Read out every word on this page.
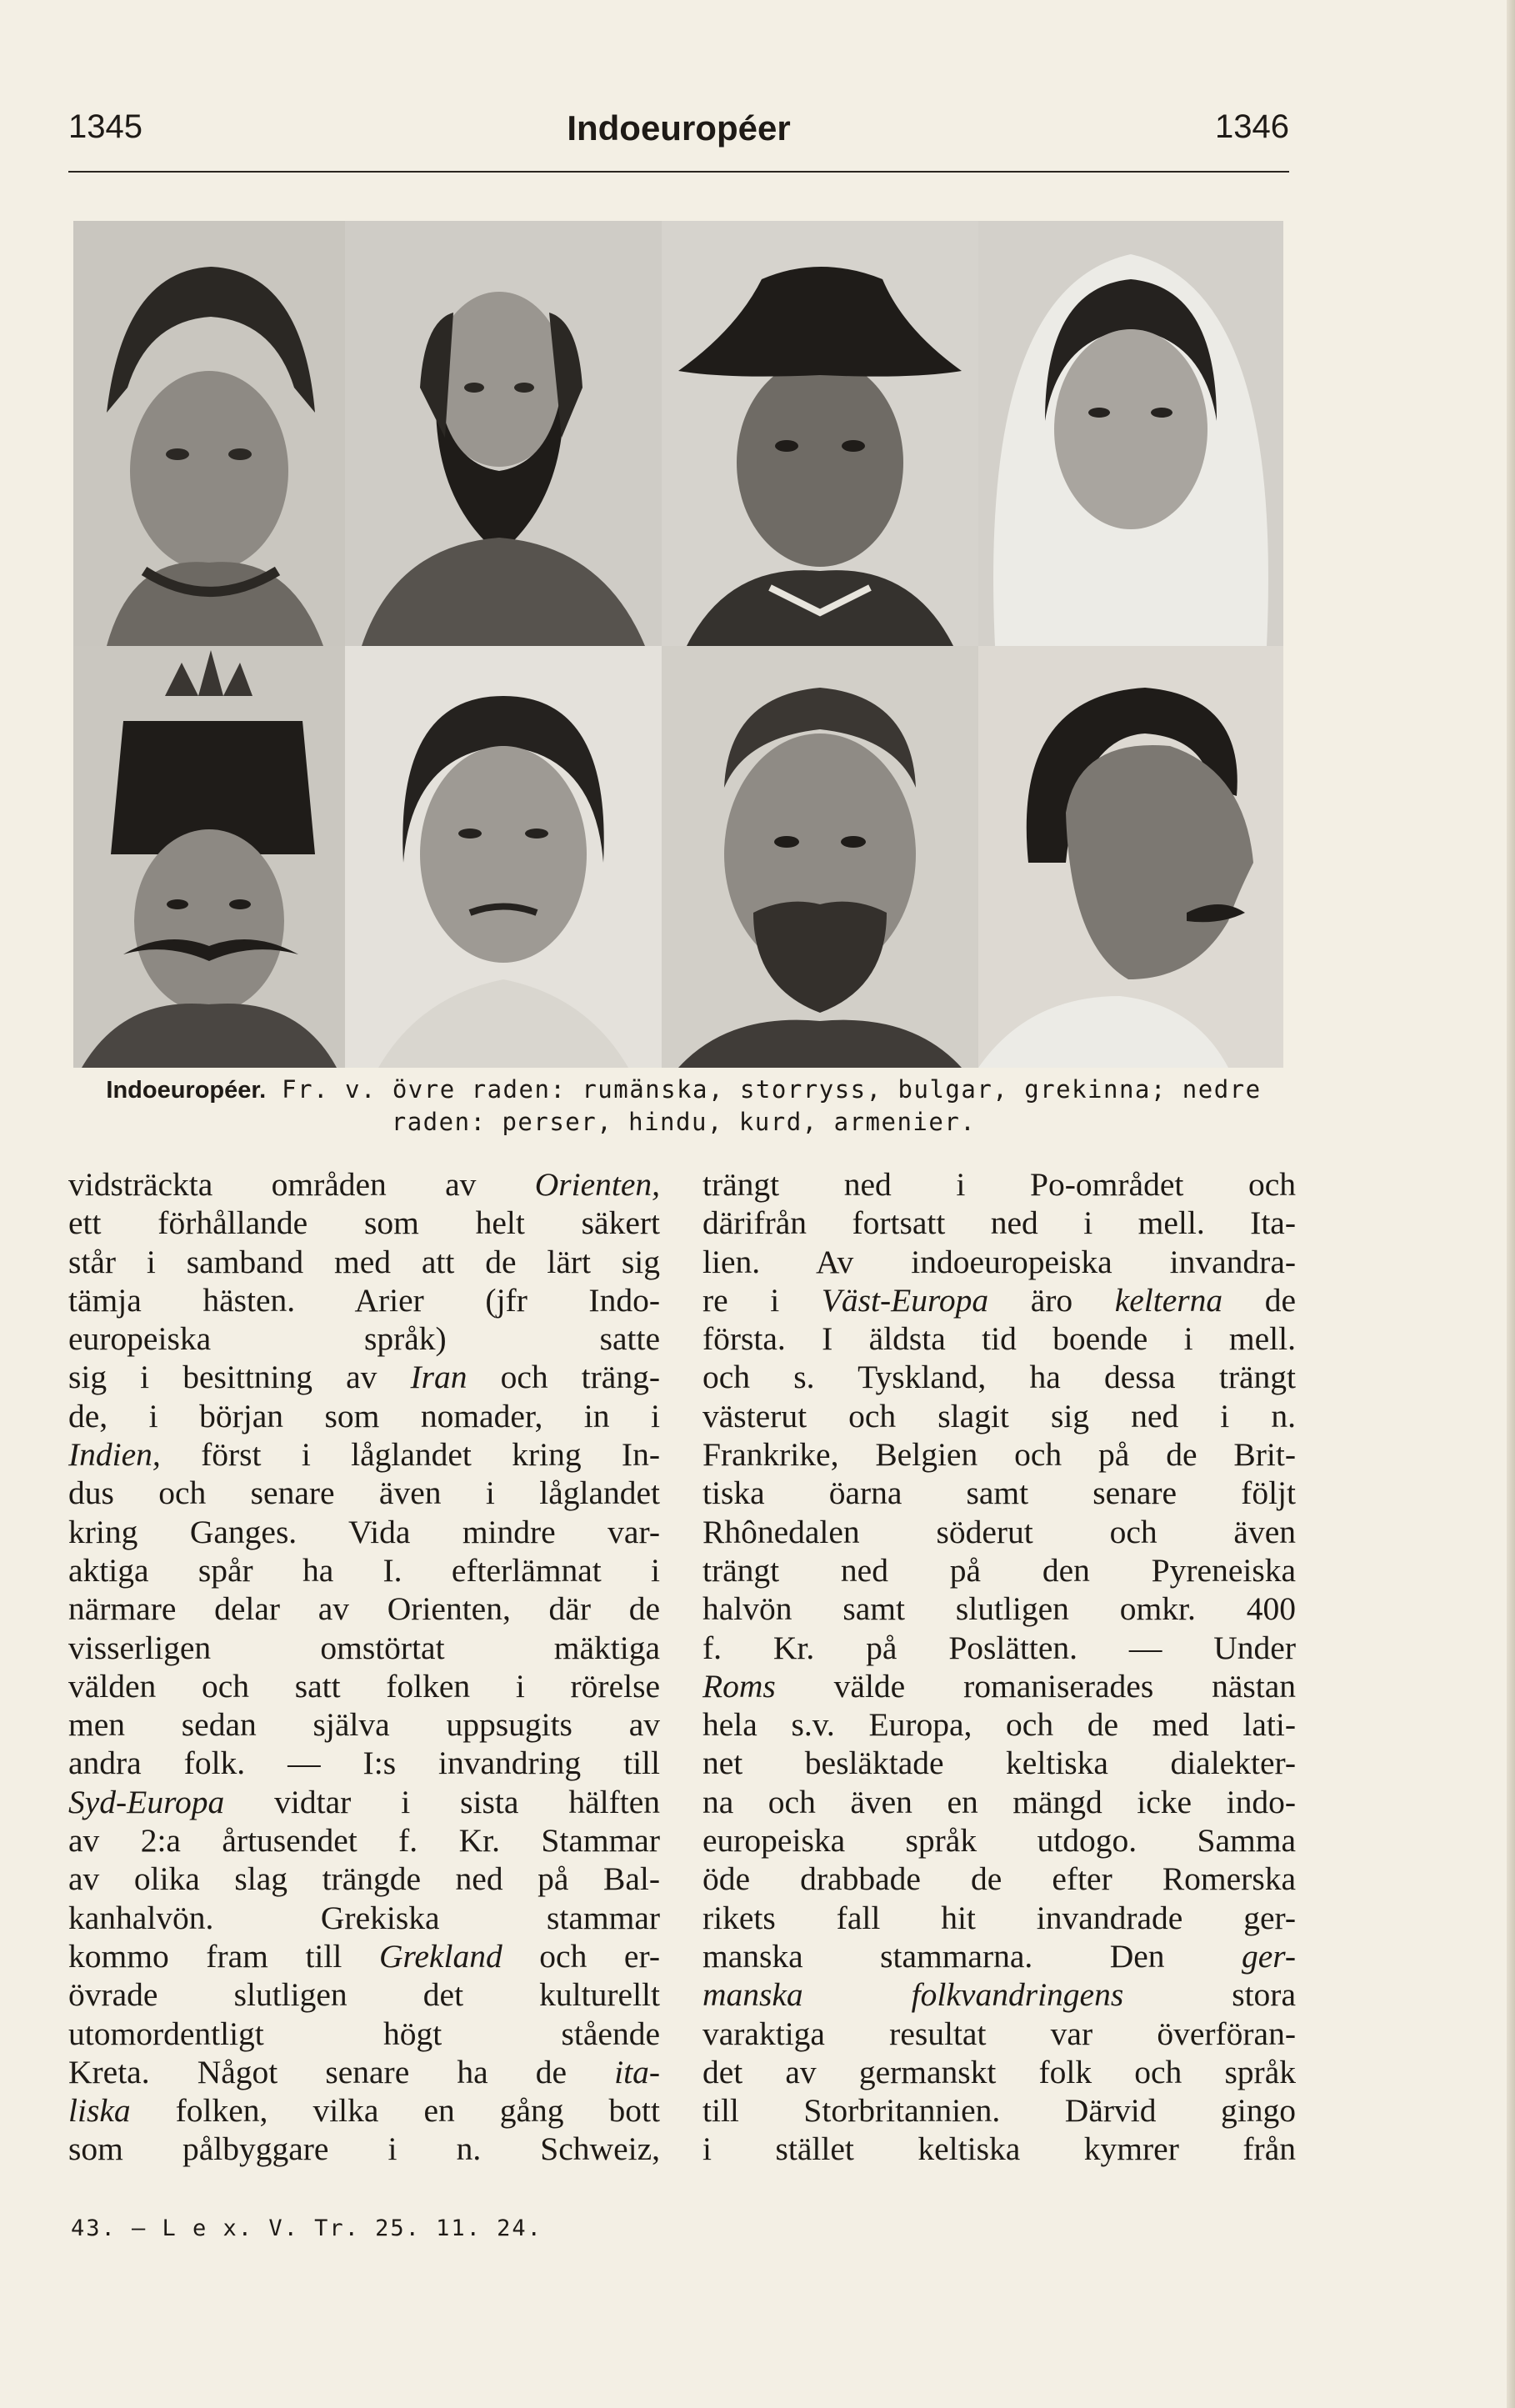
1345	Indoeuropéer	1346
Indoeuropéer. Fr. v. övre raden: rumänska, storryss, bulgar, grekinna; nedre
raden: perser, hindu, kurd, armenier.
vidsträckta områden av Orienten,
ett förhållande som helt säkert
står i samband med att de lärt sig
tämja hästen. Arier (jfr Indo-
europeiska språk) satte
sig i besittning av Iran och träng-
de, i början som nomader, in i
Indien, först i låglandet kring In-
dus och senare även i låglandet
kring Ganges. Vida mindre var-
aktiga spår ha I. efterlämnat i
närmare delar av Orienten, där de
visserligen omstörtat mäktiga
välden och satt folken i rörelse
men sedan själva uppsugits av
andra folk. — I:s invandring till
Syd-Europa vidtar i sista hälften
av 2:a årtusendet f. Kr. Stammar
av olika slag trängde ned på Bal-
kanhalvön. Grekiska stammar
kommo fram till Grekland och er-
övrade slutligen det kulturellt
utomordentligt högt stående
Kreta. Något senare ha de ita-
liska folken, vilka en gång bott
som pålbyggare i n. Schweiz,
trängt ned i Po-området och
därifrån fortsatt ned i mell. Ita-
lien. Av indoeuropeiska invandra-
re i Väst-Europa äro kelterna de
första. I äldsta tid boende i mell.
och s. Tyskland, ha dessa trängt
västerut och slagit sig ned i n.
Frankrike, Belgien och på de Brit-
tiska öarna samt senare följt
Rhônedalen söderut och även
trängt ned på den Pyreneiska
halvön samt slutligen omkr. 400
f. Kr. på Poslätten. — Under
Roms välde romaniserades nästan
hela s.v. Europa, och de med lati-
net besläktade keltiska dialekter-
na och även en mängd icke indo-
europeiska språk utdogo. Samma
öde drabbade de efter Romerska
rikets fall hit invandrade ger-
manska stammarna. Den ger-
manska folkvandringens stora
varaktiga resultat var överföran-
det av germanskt folk och språk
till Storbritannien. Därvid gingo
i stället keltiska kymrer från
43. — L e x. V. Tr. 25. 11. 24.
